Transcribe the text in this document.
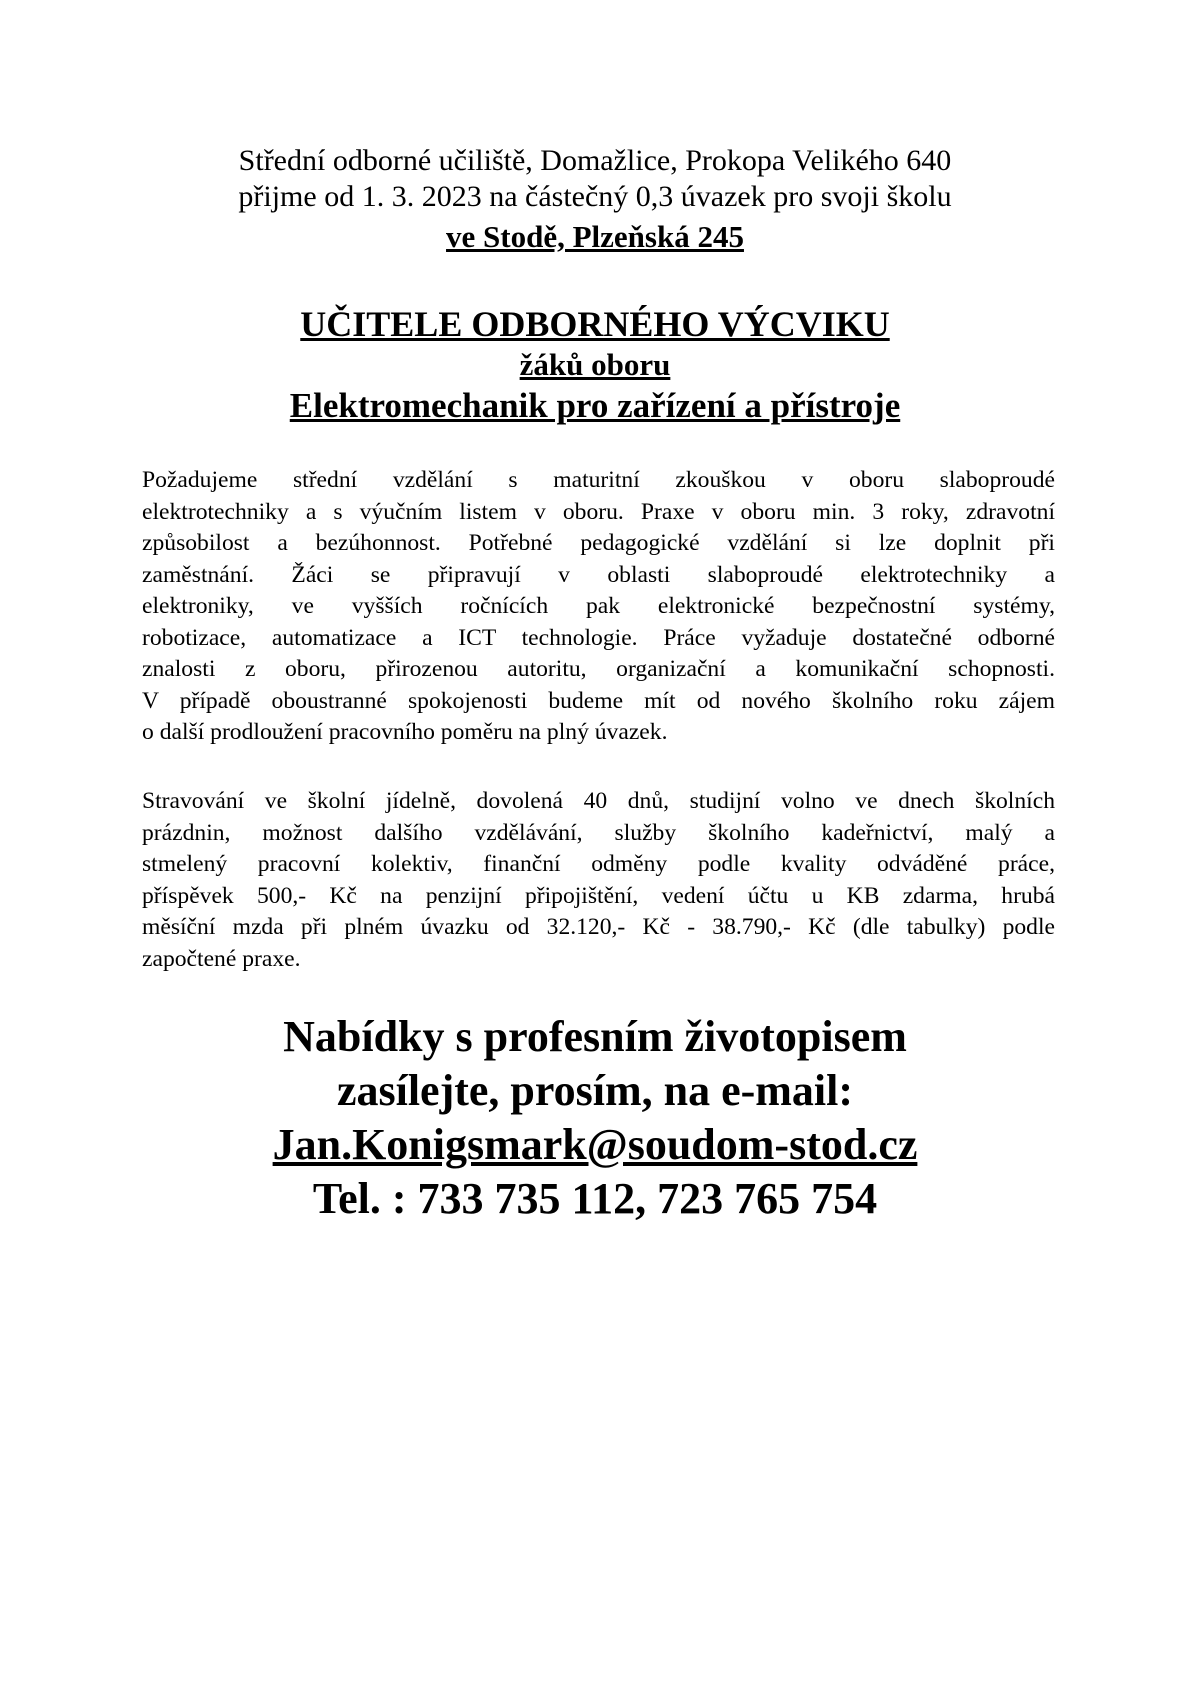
Střední odborné učiliště, Domažlice, Prokopa Velikého 640
přijme od 1. 3. 2023 na částečný 0,3 úvazek pro svoji školu
ve Stodě, Plzeňská 245
UČITELE ODBORNÉHO VÝCVIKU
žáků oboru
Elektromechanik pro zařízení a přístroje
Požadujeme střední vzdělání s maturitní zkouškou v oboru slaboproudé
elektrotechniky a s výučním listem v oboru. Praxe v oboru min. 3 roky, zdravotní
způsobilost a bezúhonnost. Potřebné pedagogické vzdělání si lze doplnit při
zaměstnání. Žáci se připravují v oblasti slaboproudé elektrotechniky a
elektroniky, ve vyšších ročnících pak elektronické bezpečnostní systémy,
robotizace, automatizace a ICT technologie. Práce vyžaduje dostatečné odborné
znalosti z oboru, přirozenou autoritu, organizační a komunikační schopnosti.
V případě oboustranné spokojenosti budeme mít od nového školního roku zájem
o další prodloužení pracovního poměru na plný úvazek.
Stravování ve školní jídelně, dovolená 40 dnů, studijní volno ve dnech školních
prázdnin, možnost dalšího vzdělávání, služby školního kadeřnictví, malý a
stmelený pracovní kolektiv, finanční odměny podle kvality odváděné práce,
příspěvek 500,- Kč na penzijní připojištění, vedení účtu u KB zdarma, hrubá
měsíční mzda při plném úvazku od 32.120,- Kč - 38.790,- Kč (dle tabulky) podle
započtené praxe.
Nabídky s profesním životopisem
zasílejte, prosím, na e-mail:
Jan.Konigsmark@soudom-stod.cz
Tel. : 733 735 112, 723 765 754
